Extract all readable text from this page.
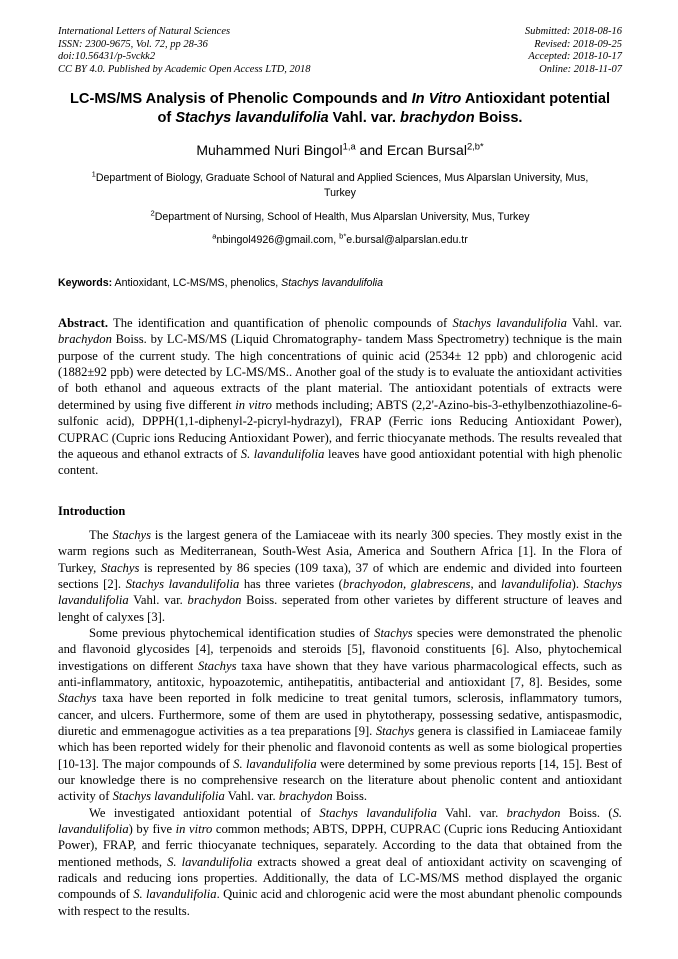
International Letters of Natural Sciences
ISSN: 2300-9675, Vol. 72, pp 28-36
doi:10.56431/p-5vckk2
CC BY 4.0. Published by Academic Open Access LTD, 2018
Submitted: 2018-08-16
Revised: 2018-09-25
Accepted: 2018-10-17
Online: 2018-11-07
LC-MS/MS Analysis of Phenolic Compounds and In Vitro Antioxidant potential of Stachys lavandulifolia Vahl. var. brachydon Boiss.
Muhammed Nuri Bingol$^{1,a}$ and Ercan Bursal$^{2,b*}$
$^1$Department of Biology, Graduate School of Natural and Applied Sciences, Mus Alparslan University, Mus, Turkey
$^2$Department of Nursing, School of Health, Mus Alparslan University, Mus, Turkey
$^a$nbingol4926@gmail.com, $^{b*}$e.bursal@alparslan.edu.tr
Keywords: Antioxidant, LC-MS/MS, phenolics, Stachys lavandulifolia
Abstract. The identification and quantification of phenolic compounds of Stachys lavandulifolia Vahl. var. brachydon Boiss. by LC-MS/MS (Liquid Chromatography- tandem Mass Spectrometry) technique is the main purpose of the current study. The high concentrations of quinic acid (2534± 12 ppb) and chlorogenic acid (1882±92 ppb) were detected by LC-MS/MS.. Another goal of the study is to evaluate the antioxidant activities of both ethanol and aqueous extracts of the plant material. The antioxidant potentials of extracts were determined by using five different in vitro methods including; ABTS (2,2'-Azino-bis-3-ethylbenzothiazoline-6-sulfonic acid), DPPH(1,1-diphenyl-2-picryl-hydrazyl), FRAP (Ferric ions Reducing Antioxidant Power), CUPRAC (Cupric ions Reducing Antioxidant Power), and ferric thiocyanate methods. The results revealed that the aqueous and ethanol extracts of S. lavandulifolia leaves have good antioxidant potential with high phenolic content.
Introduction
The Stachys is the largest genera of the Lamiaceae with its nearly 300 species. They mostly exist in the warm regions such as Mediterranean, South-West Asia, America and Southern Africa [1]. In the Flora of Turkey, Stachys is represented by 86 species (109 taxa), 37 of which are endemic and divided into fourteen sections [2]. Stachys lavandulifolia has three varietes (brachyodon, glabrescens, and lavandulifolia). Stachys lavandulifolia Vahl. var. brachydon Boiss. seperated from other varietes by different structure of leaves and lenght of calyxes [3].
Some previous phytochemical identification studies of Stachys species were demonstrated the phenolic and flavonoid glycosides [4], terpenoids and steroids [5], flavonoid constituents [6]. Also, phytochemical investigations on different Stachys taxa have shown that they have various pharmacological effects, such as anti-inflammatory, antitoxic, hypoazotemic, antihepatitis, antibacterial and antioxidant [7, 8]. Besides, some Stachys taxa have been reported in folk medicine to treat genital tumors, sclerosis, inflammatory tumors, cancer, and ulcers. Furthermore, some of them are used in phytotherapy, possessing sedative, antispasmodic, diuretic and emmenagogue activities as a tea preparations [9]. Stachys genera is classified in Lamiaceae family which has been reported widely for their phenolic and flavonoid contents as well as some biological properties [10-13]. The major compounds of S. lavandulifolia were determined by some previous reports [14, 15]. Best of our knowledge there is no comprehensive research on the literature about phenolic content and antioxidant activity of Stachys lavandulifolia Vahl. var. brachydon Boiss.
We investigated antioxidant potential of Stachys lavandulifolia Vahl. var. brachydon Boiss. (S. lavandulifolia) by five in vitro common methods; ABTS, DPPH, CUPRAC (Cupric ions Reducing Antioxidant Power), FRAP, and ferric thiocyanate techniques, separately. According to the data that obtained from the mentioned methods, S. lavandulifolia extracts showed a great deal of antioxidant activity on scavenging of radicals and reducing ions properties. Additionally, the data of LC-MS/MS method displayed the organic compounds of S. lavandulifolia. Quinic acid and chlorogenic acid were the most abundant phenolic compounds with respect to the results.
